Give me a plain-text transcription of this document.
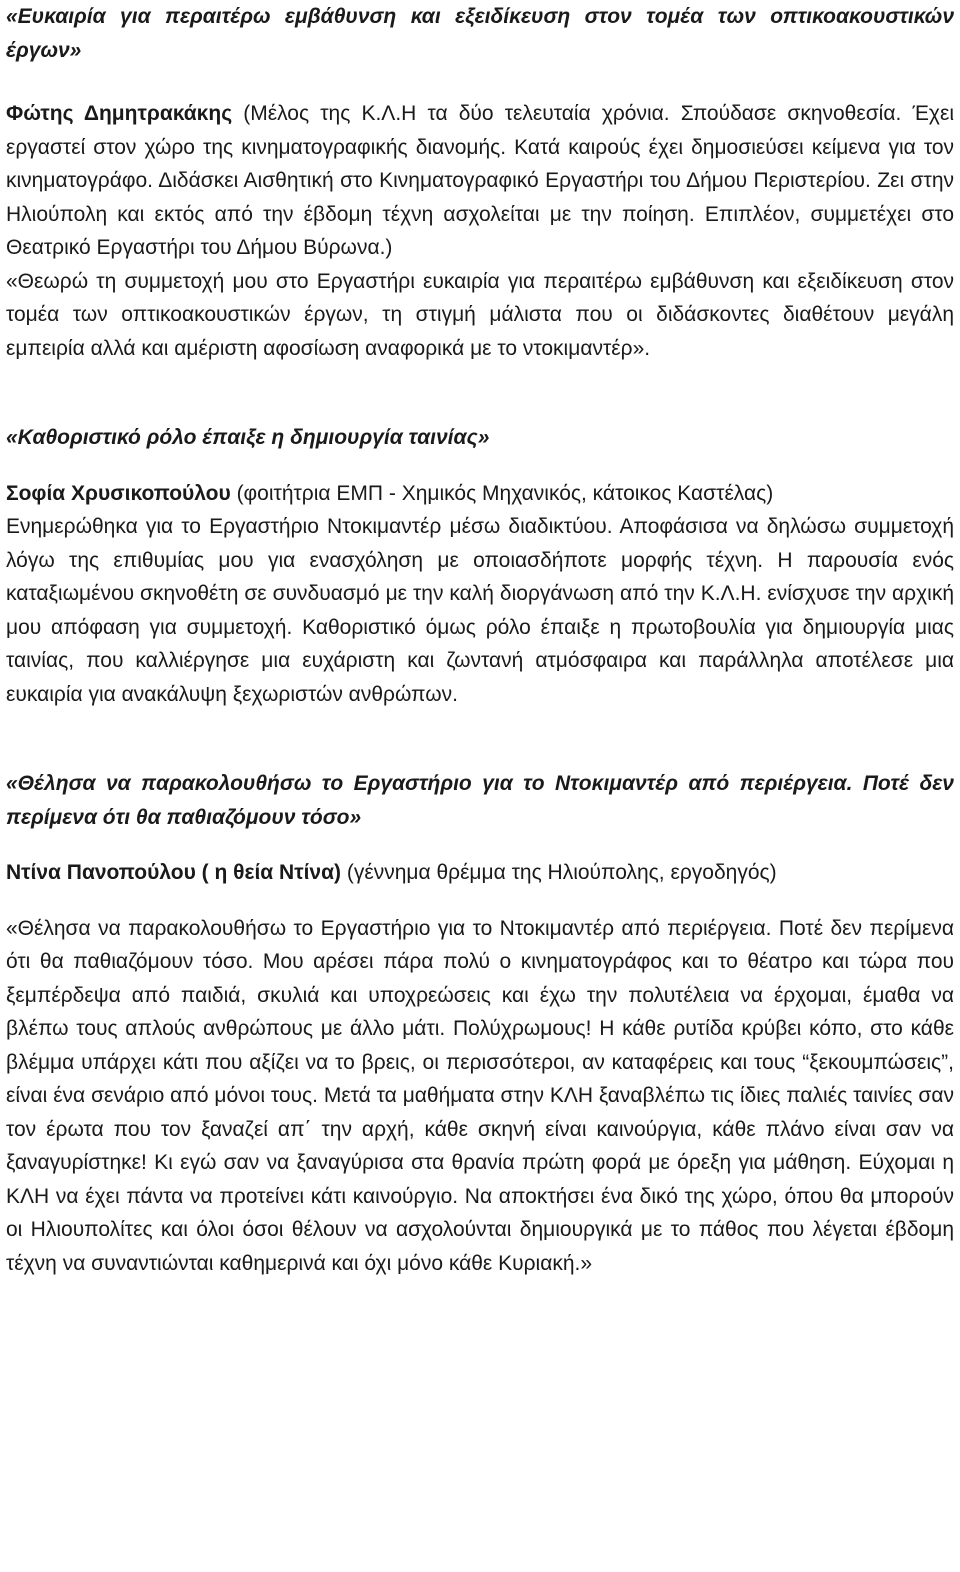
«Ευκαιρία για περαιτέρω εμβάθυνση και εξειδίκευση στον τομέα των οπτικοακουστικών έργων»

Φώτης Δημητρακάκης (Μέλος της Κ.Λ.Η τα δύο τελευταία χρόνια. Σπούδασε σκηνοθεσία. Έχει εργαστεί στον χώρο της κινηματογραφικής διανομής. Κατά καιρούς έχει δημοσιεύσει κείμενα για τον κινηματογράφο. Διδάσκει Αισθητική στο Κινηματογραφικό Εργαστήρι του Δήμου Περιστερίου. Ζει στην Ηλιούπολη και εκτός από την έβδομη τέχνη ασχολείται με την ποίηση. Επιπλέον, συμμετέχει στο Θεατρικό Εργαστήρι του Δήμου Βύρωνα.)

«Θεωρώ τη συμμετοχή μου στο Εργαστήρι ευκαιρία για περαιτέρω εμβάθυνση και εξειδίκευση στον τομέα των οπτικοακουστικών έργων, τη στιγμή μάλιστα που οι διδάσκοντες διαθέτουν μεγάλη εμπειρία αλλά και αμέριστη αφοσίωση αναφορικά με το ντοκιμαντέρ».

«Καθοριστικό ρόλο έπαιξε η δημιουργία ταινίας»

Σοφία Χρυσικοπούλου (φοιτήτρια ΕΜΠ - Χημικός Μηχανικός, κάτοικος Καστέλας)

Ενημερώθηκα για το Εργαστήριο Ντοκιμαντέρ μέσω διαδικτύου. Αποφάσισα να δηλώσω συμμετοχή λόγω της επιθυμίας μου για ενασχόληση με οποιασδήποτε μορφής τέχνη. Η παρουσία ενός καταξιωμένου σκηνοθέτη σε συνδυασμό με την καλή διοργάνωση από την Κ.Λ.Η. ενίσχυσε την αρχική μου απόφαση για συμμετοχή. Καθοριστικό όμως ρόλο έπαιξε η πρωτοβουλία για δημιουργία μιας ταινίας, που καλλιέργησε μια ευχάριστη και ζωντανή ατμόσφαιρα και παράλληλα αποτέλεσε μια ευκαιρία για ανακάλυψη ξεχωριστών ανθρώπων.

«Θέλησα να παρακολουθήσω το Εργαστήριο για το Ντοκιμαντέρ από περιέργεια. Ποτέ δεν περίμενα ότι θα παθιαζόμουν τόσο»

Ντίνα Πανοπούλου ( η θεία Ντίνα) (γέννημα θρέμμα της Ηλιούπολης, εργοδηγός)

«Θέλησα να παρακολουθήσω το Εργαστήριο για το Ντοκιμαντέρ από περιέργεια. Ποτέ δεν περίμενα ότι θα παθιαζόμουν τόσο. Μου αρέσει πάρα πολύ ο κινηματογράφος και το θέατρο και τώρα που ξεμπέρδεψα από παιδιά, σκυλιά και υποχρεώσεις και έχω την πολυτέλεια να έρχομαι, έμαθα να βλέπω τους απλούς ανθρώπους με άλλο μάτι. Πολύχρωμους! Η κάθε ρυτίδα κρύβει κόπο, στο κάθε βλέμμα υπάρχει κάτι που αξίζει να το βρεις, οι περισσότεροι, αν καταφέρεις και τους “ξεκουμπώσεις”, είναι ένα σενάριο από μόνοι τους. Μετά τα μαθήματα στην ΚΛΗ ξαναβλέπω τις ίδιες παλιές ταινίες σαν τον έρωτα που τον ξαναζεί απ΄ την αρχή, κάθε σκηνή είναι καινούργια, κάθε πλάνο είναι σαν να ξαναγυρίστηκε! Κι εγώ σαν να ξαναγύρισα στα θρανία πρώτη φορά με όρεξη για μάθηση. Εύχομαι η ΚΛΗ να έχει πάντα να προτείνει κάτι καινούργιο. Να αποκτήσει ένα δικό της χώρο, όπου θα μπορούν οι Ηλιουπολίτες και όλοι όσοι θέλουν να ασχολούνται δημιουργικά με το πάθος που λέγεται έβδομη τέχνη να συναντιώνται καθημερινά και όχι μόνο κάθε Κυριακή.»
